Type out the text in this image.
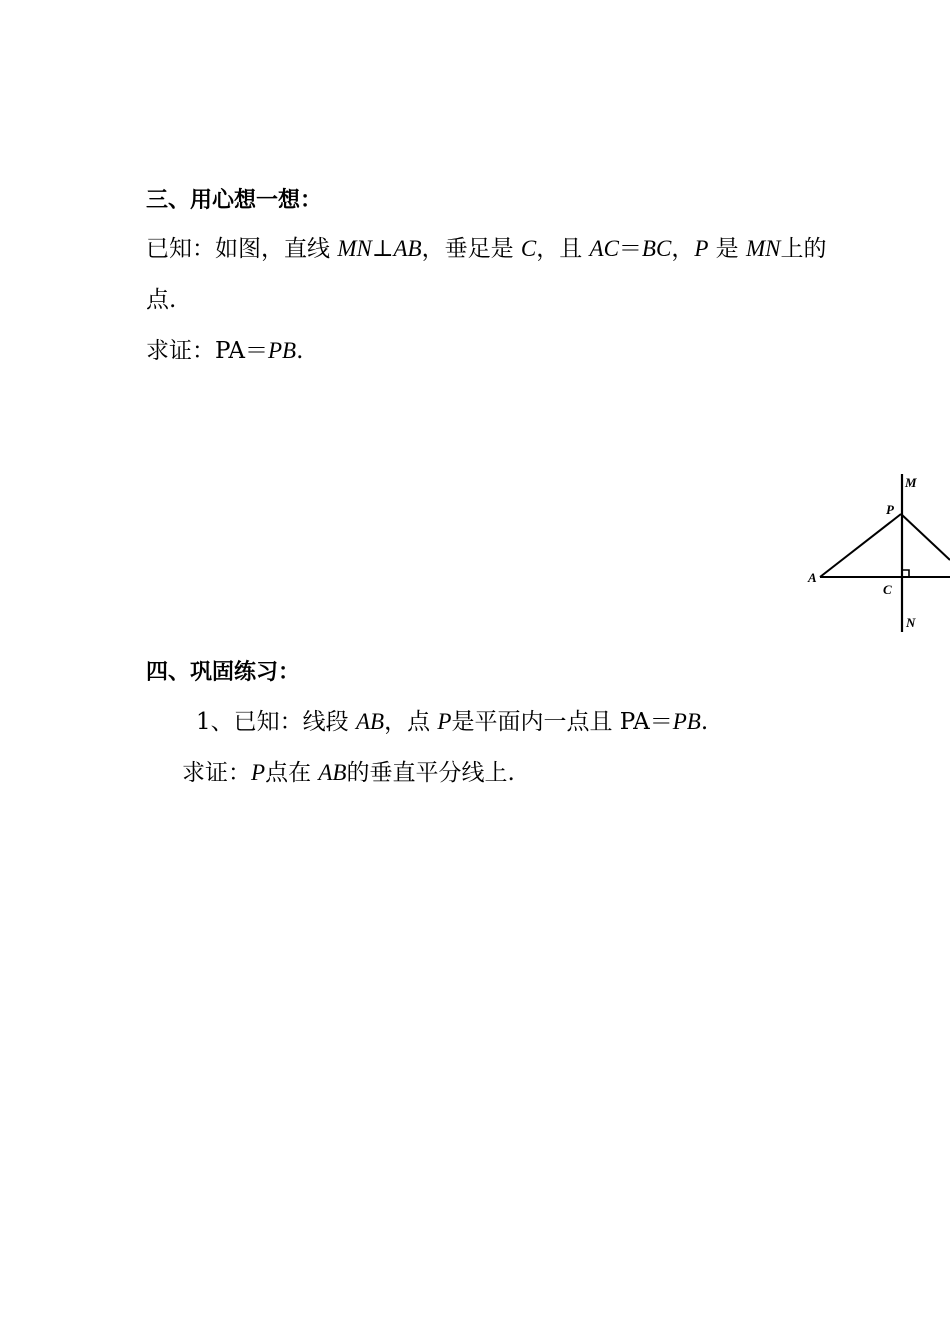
三、用心想一想：
已知：如图，直线 MN⊥AB，垂足是 C，且 AC＝BC，P 是 MN上的
点.
求证：PA＝PB.
M
P
A
C
N
四、巩固练习：
1、已知：线段 AB，点 P是平面内一点且 PA＝PB.
求证：P点在 AB的垂直平分线上.
